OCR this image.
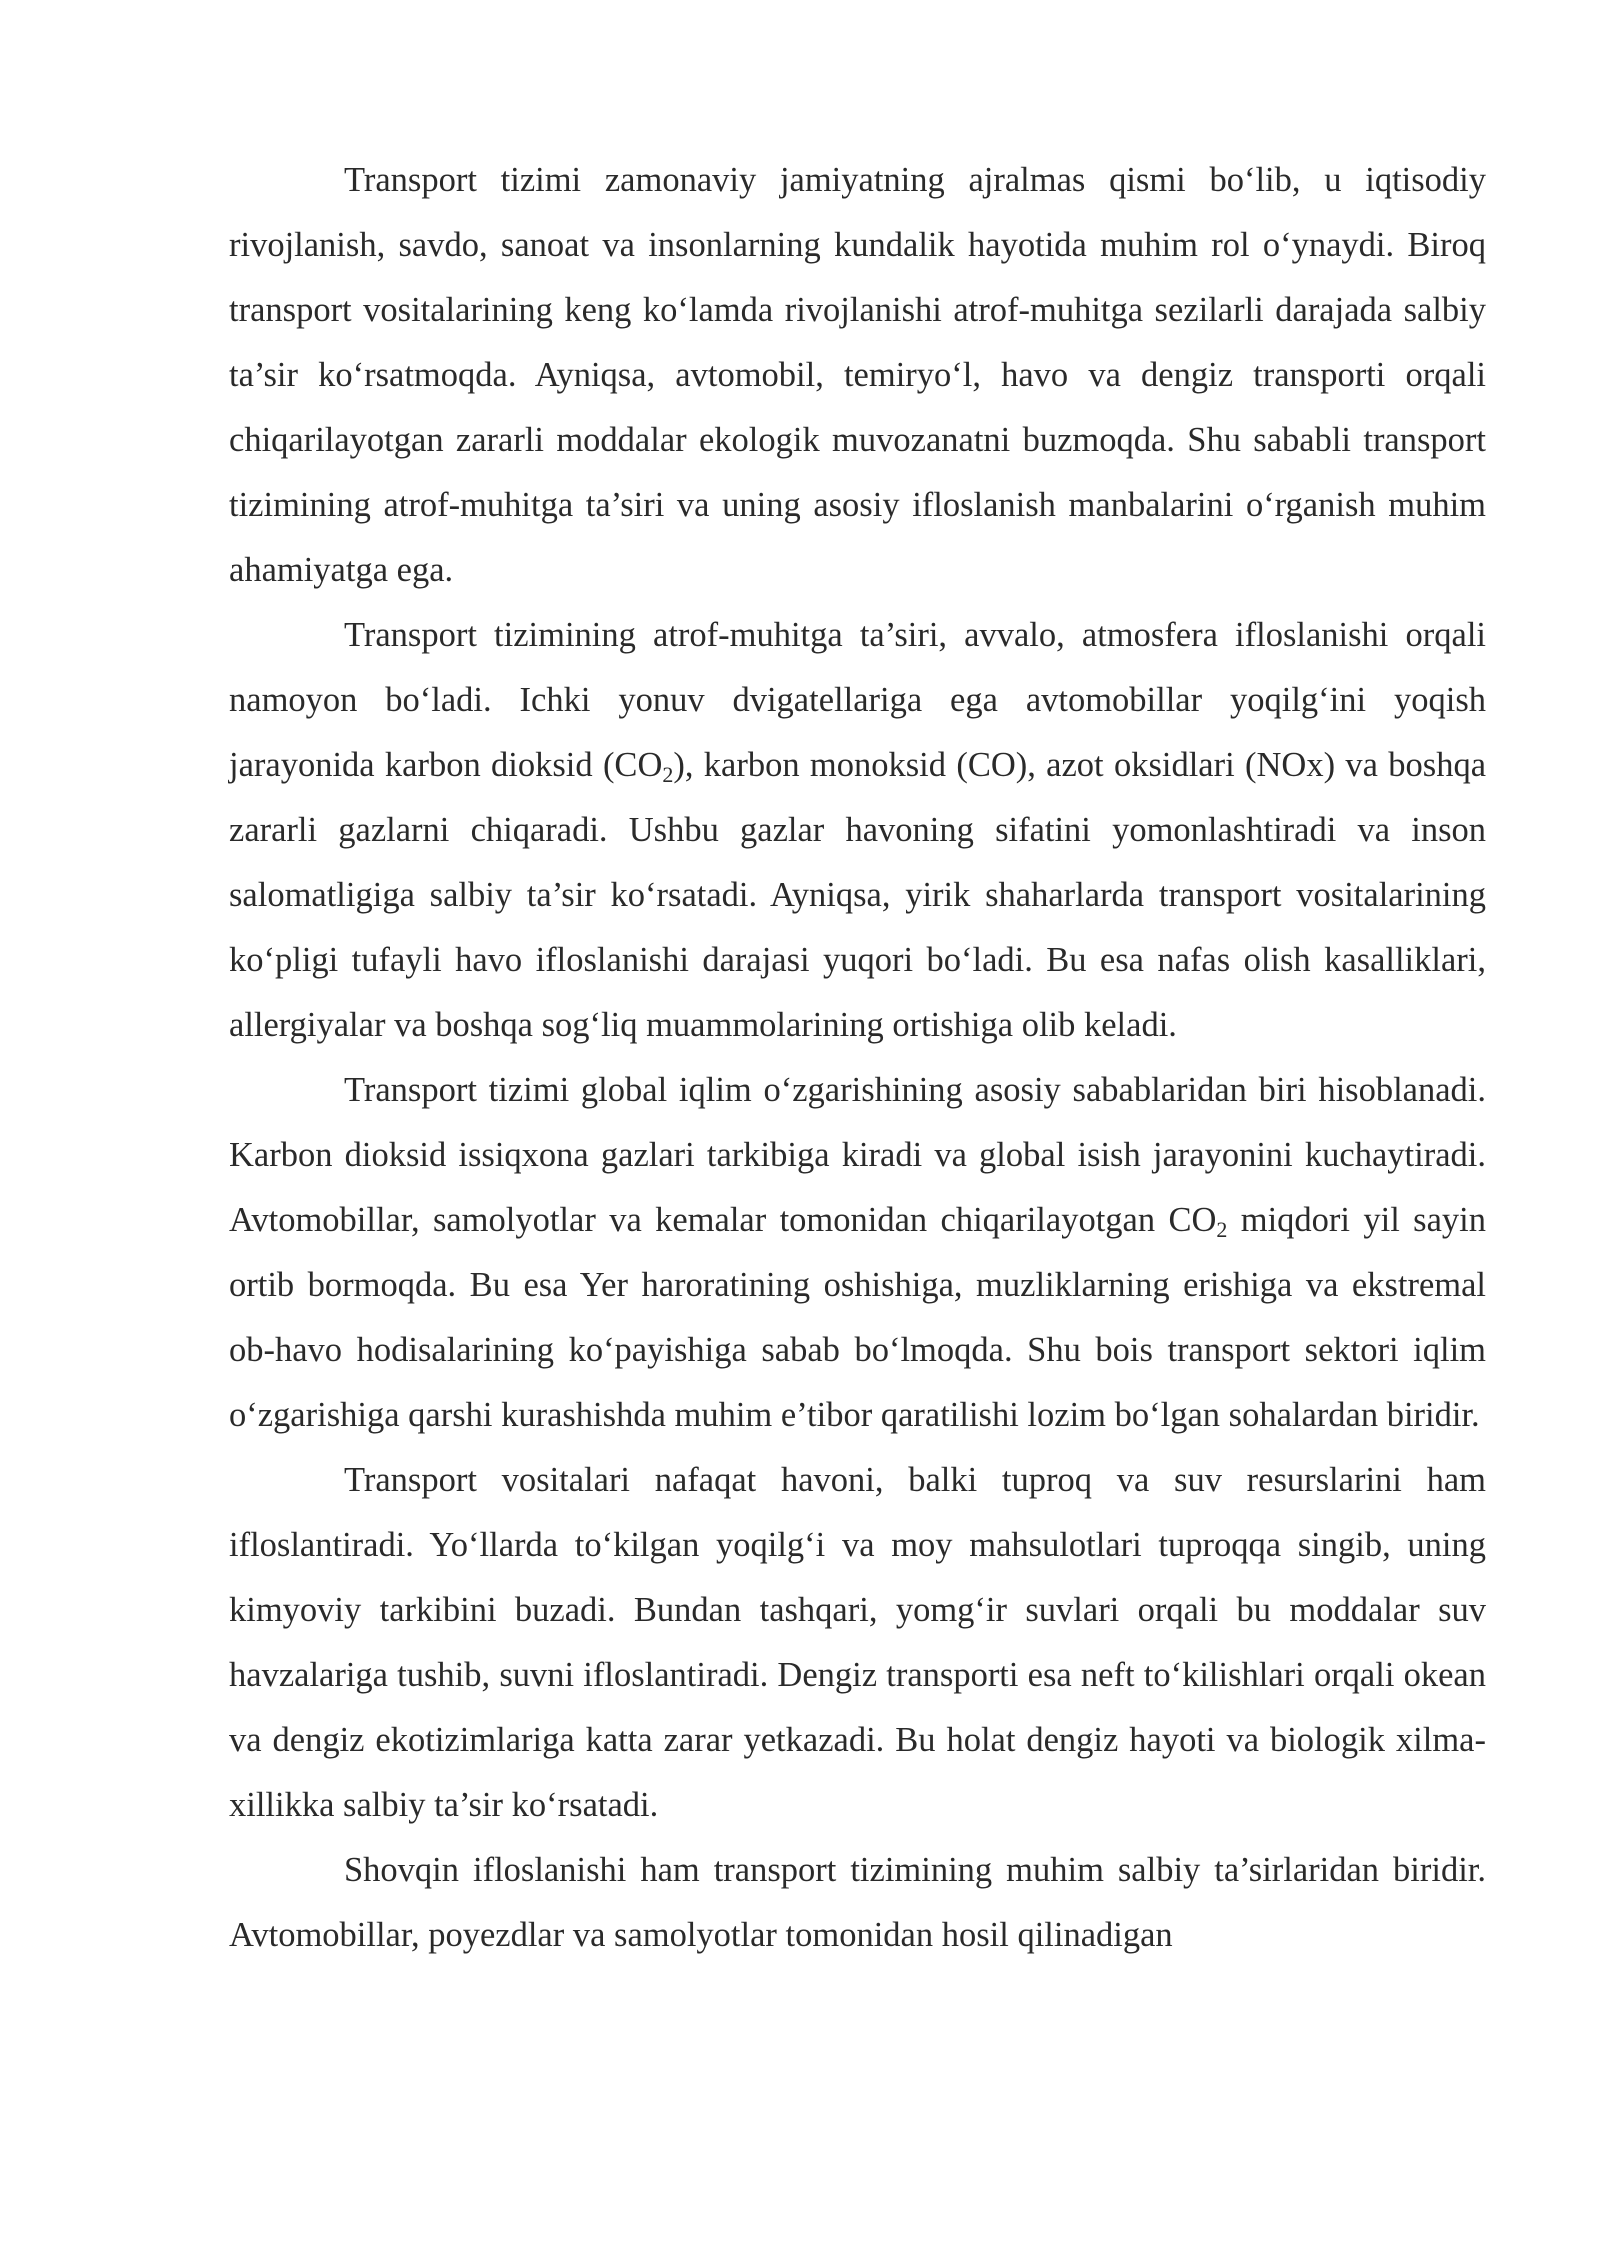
Transport tizimi zamonaviy jamiyatning ajralmas qismi bo‘lib, u iqtisodiy rivojlanish, savdo, sanoat va insonlarning kundalik hayotida muhim rol o‘ynaydi. Biroq transport vositalarining keng ko‘lamda rivojlanishi atrof-muhitga sezilarli darajada salbiy ta’sir ko‘rsatmoqda. Ayniqsa, avtomobil, temiryo‘l, havo va dengiz transporti orqali chiqarilayotgan zararli moddalar ekologik muvozanatni buzmoqda. Shu sababli transport tizimining atrof-muhitga ta’siri va uning asosiy ifloslanish manbalarini o‘rganish muhim ahamiyatga ega.

Transport tizimining atrof-muhitga ta’siri, avvalo, atmosfera ifloslanishi orqali namoyon bo‘ladi. Ichki yonuv dvigatellariga ega avtomobillar yoqilg‘ini yoqish jarayonida karbon dioksid $(CO_2)$, karbon monoksid (CO), azot oksidlari (NOx) va boshqa zararli gazlarni chiqaradi. Ushbu gazlar havoning sifatini yomonlashtiradi va inson salomatligiga salbiy ta’sir ko‘rsatadi. Ayniqsa, yirik shaharlarda transport vositalarining ko‘pligi tufayli havo ifloslanishi darajasi yuqori bo‘ladi. Bu esa nafas olish kasalliklari, allergiyalar va boshqa sog‘liq muammolarining ortishiga olib keladi.

Transport tizimi global iqlim o‘zgarishining asosiy sabablaridan biri hisoblanadi. Karbon dioksid issiqxona gazlari tarkibiga kiradi va global isish jarayonini kuchaytiradi. Avtomobillar, samolyotlar va kemalar tomonidan chiqarilayotgan $CO_2$ miqdori yil sayin ortib bormoqda. Bu esa Yer haroratining oshishiga, muzliklarning erishiga va ekstremal ob-havo hodisalarining ko‘payishiga sabab bo‘lmoqda. Shu bois transport sektori iqlim o‘zgarishiga qarshi kurashishda muhim e’tibor qaratilishi lozim bo‘lgan sohalardan biridir.

Transport vositalari nafaqat havoni, balki tuproq va suv resurslarini ham ifloslantiradi. Yo‘llarda to‘kilgan yoqilg‘i va moy mahsulotlari tuproqqa singib, uning kimyoviy tarkibini buzadi. Bundan tashqari, yomg‘ir suvlari orqali bu moddalar suv havzalariga tushib, suvni ifloslantiradi. Dengiz transporti esa neft to‘kilishlari orqali okean va dengiz ekotizimlariga katta zarar yetkazadi. Bu holat dengiz hayoti va biologik xilma-xillikka salbiy ta’sir ko‘rsatadi.

Shovqin ifloslanishi ham transport tizimining muhim salbiy ta’sirlaridan biridir. Avtomobillar, poyezdlar va samolyotlar tomonidan hosil qilinadigan
